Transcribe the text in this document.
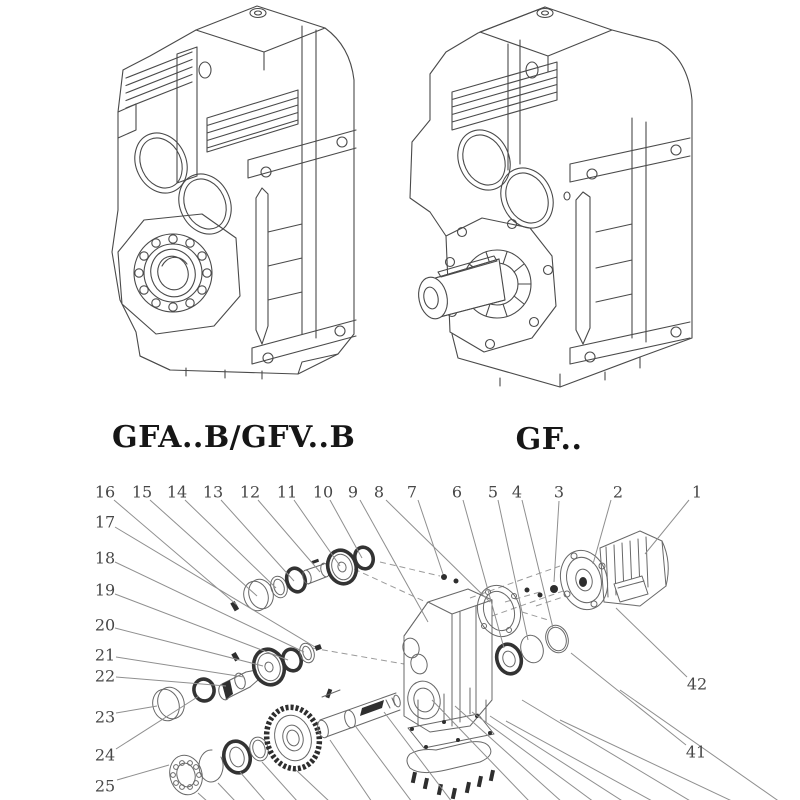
16 15 14 13 12 11 10 9 8 7 6 5 4 3	2	1
17
18
19
20
21
22
23
24
25
42
41
GFA..B/GFV..B	GF..
